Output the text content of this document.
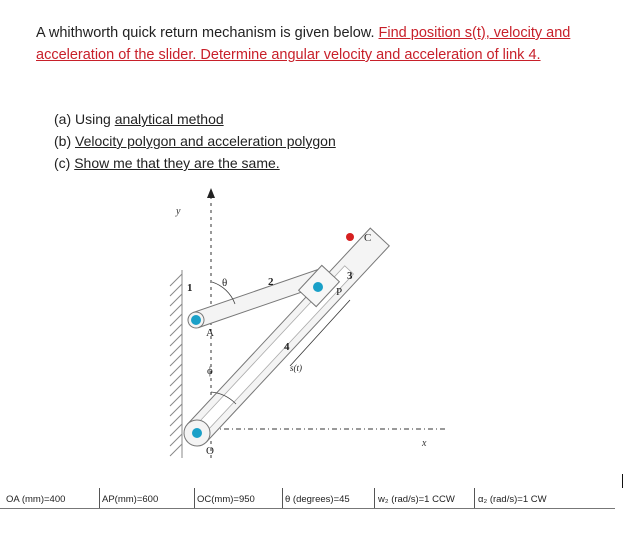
A whithworth quick return mechanism is given below. Find position s(t), velocity and acceleration of the slider. Determine angular velocity and acceleration of link 4.
(a) Using analytical method
(b) Velocity polygon and acceleration polygon
(c) Show me that they are the same.
y
x
1	θ	2	3
P
C
A
4
s(t)
ϕ
O
OA (mm)=400	AP(mm)=600	OC(mm)=950	θ (degrees)=45	w₂ (rad/s)=1 CCW α₂ (rad/s)=1 CW
